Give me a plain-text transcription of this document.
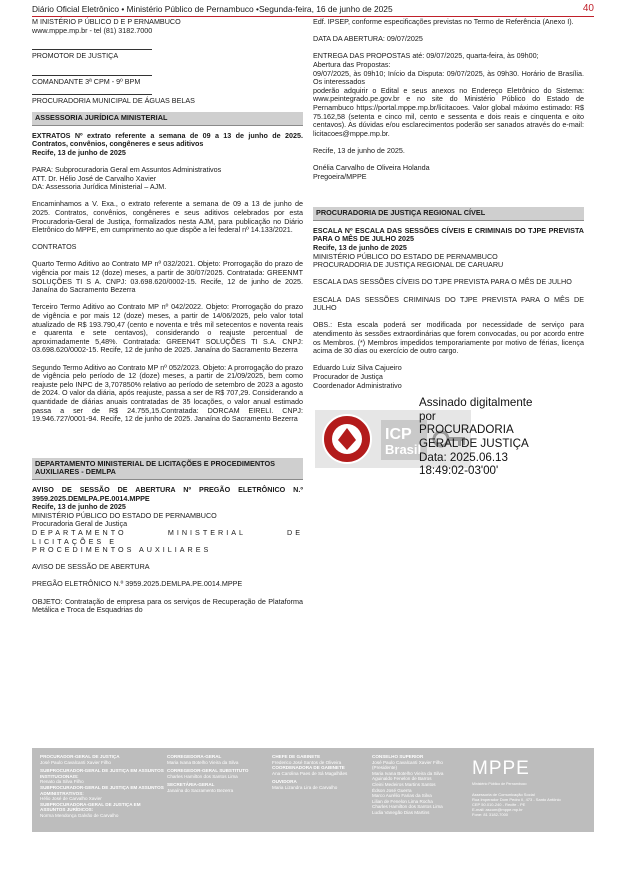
Diário Oficial Eletrônico • Ministério Público de Pernambuco •Segunda-feira, 16 de junho de 2025	40

M INISTÉRIO P ÚBLICO D E P ERNAMBUCO

www.mppe.mp.br - tel (81) 3182.7000

PROMOTOR DE JUSTIÇA

COMANDANTE 3ª CPM - 9º BPM

PROCURADORIA MUNICIPAL DE ÁGUAS BELAS

ASSESSORIA JURÍDICA MINISTERIAL

EXTRATOS Nº extrato referente a semana de 09 a 13 de junho de 2025. Contratos, convênios, congêneres e seus aditivos

Recife, 13 de junho de 2025

PARA: Subprocuradoria Geral em Assuntos Administrativos

ATT. Dr. Hélio José de Carvalho Xavier

DA: Assessoria Jurídica Ministerial – AJM.

Encaminhamos a V. Exa., o extrato referente a semana de 09 a 13 de junho de 2025. Contratos, convênios, congêneres e seus aditivos celebrados por esta Procuradoria-Geral de Justiça, formalizados nesta AJM, para publicação no Diário Eletrônico do MPPE, em cumprimento ao que dispõe a lei federal nº 14.133/2021.

CONTRATOS

Quarto Termo Aditivo ao Contrato MP nº 032/2021. Objeto: Prorrogação do prazo de vigência por mais 12 (doze) meses, a partir de 30/07/2025. Contratada: GREENMT SOLUÇÕES TI S A. CNPJ: 03.698.620/0002-15. Recife, 12 de junho de 2025. Janaína do Sacramento Bezerra

Terceiro Termo Aditivo ao Contrato MP nº 042/2022. Objeto: Prorrogação do prazo de vigência e por mais 12 (doze) meses, a partir de 14/06/2025, pelo valor total atualizado de R$ 193.790,47 (cento e noventa e três mil setecentos e noventa reais e quarenta e sete centavos), considerando o reajuste percentual de aproximadamente 5,48%. Contratada: GREEN4T SOLUÇÕES TI S.A. CNPJ: 03.698.620/0002-15. Recife, 12 de junho de 2025. Janaína do Sacramento Bezerra

Segundo Termo Aditivo ao Contrato MP nº 052/2023. Objeto: A prorrogação do prazo de vigência pelo período de 12 (doze) meses, a partir de 21/09/2025, bem como reajuste pelo INPC de 3,707850% relativo ao período de setembro de 2023 a agosto de 2024. O valor da diária, após reajuste, passa a ser de R$ 707,29. Considerando a quantidade de diárias anuais contratadas de 35 locações, o valor anual estimado passa a ser de R$ 24.755,15.Contratada: DORCAM EIRELI. CNPJ: 19.946.727/0001-94. Recife, 12 de junho de 2025. Janaína do Sacramento Bezerra

DEPARTAMENTO MINISTERIAL DE LICITAÇÕES E PROCEDIMENTOS AUXILIARES - DEMLPA

AVISO DE SESSÃO DE ABERTURA Nº PREGÃO ELETRÔNICO N.º 3959.2025.DEMLPA.PE.0014.MPPE

Recife, 13 de junho de 2025

MINISTÉRIO PÚBLICO DO ESTADO DE PERNAMBUCO

Procuradoria Geral de Justiça

DEPARTAMENTO MINISTERIAL DE LICITAÇÕES E

PROCEDIMENTOS AUXILIARES

AVISO DE SESSÃO DE ABERTURA

PREGÃO ELETRÔNICO N.º 3959.2025.DEMLPA.PE.0014.MPPE

OBJETO: Contratação de empresa para os serviços de Recuperação de Plataforma Metálica e Troca de Esquadrias do

Edf. IPSEP, conforme especificações previstas no Termo de Referência (Anexo I).

DATA DA ABERTURA: 09/07/2025

ENTREGA DAS PROPOSTAS até: 09/07/2025, quarta-feira, às 09h00;

Abertura das Propostas:

09/07/2025, às 09h10; Início da Disputa: 09/07/2025, às 09h30. Horário de Brasília. Os interessados

poderão adquirir o Edital e seus anexos no Endereço Eletrônico do Sistema: www.peintegrado.pe.gov.br e no site do Ministério Público do Estado de Pernambuco https://portal.mppe.mp.br/licitacoes. Valor global máximo estimado: R$ 75.162,58 (setenta e cinco mil, cento e sessenta e dois reais e cinquenta e oito centavos). As dúvidas e/ou esclarecimentos poderão ser sanados através do e-mail: licitacoes@mppe.mp.br.

Recife, 13 de junho de 2025.

Onélia Carvalho de Oliveira Holanda

Pregoeira/MPPE

PROCURADORIA DE JUSTIÇA REGIONAL CÍVEL

ESCALA Nº ESCALA DAS SESSÕES CÍVEIS E CRIMINAIS DO TJPE PREVISTA PARA O MÊS DE JULHO 2025

Recife, 13 de junho de 2025

MINISTÉRIO PÚBLICO DO ESTADO DE PERNAMBUCO

PROCURADORIA DE JUSTIÇA REGIONAL DE CARUARU

ESCALA DAS SESSÕES CÍVEIS DO TJPE PREVISTA PARA O MÊS DE JULHO

ESCALA DAS SESSÕES CRIMINAIS DO TJPE PREVISTA PARA O MÊS DE JULHO

OBS.: Esta escala poderá ser modificada por necessidade de serviço para atendimento às sessões extraordinárias que forem convocadas, ou por acordo entre os Membros. (*) Membros impedidos temporariamente por motivo de férias, licença acima de 30 dias ou exercício de outro cargo.

Eduardo Luiz Silva Cajueiro

Procurador de Justiça

Coordenador Administrativo

ICP
Brasil
Assinado digitalmente
por
PROCURADORIA
GERAL DE JUSTIÇA
Data: 2025.06.13
18:49:02-03'00'
PROCURADOR-GERAL DE JUSTIÇA
José Paulo Cavalcanti Xavier Filho
SUBPROCURADOR-GERAL DE JUSTIÇA EM ASSUNTOS INSTITUCIONAIS:
Renato da Silva Filho
SUBPROCURADOR-GERAL DE JUSTIÇA EM ASSUNTOS ADMINISTRATIVOS:
Hélio José de Carvalho Xavier
SUBPROCURADORA-GERAL DE JUSTIÇA EM ASSUNTOS JURÍDICOS:
Norma Mendonça Galvão de Carvalho
CORREGEDORA-GERAL
Maria Ivana Botelho Vieira da Silva
CORREGEDOR-GERAL SUBSTITUTO
Charles Hamilton dos Santos Lima
SECRETÁRIA-GERAL
Janaína do Sacramento Bezerra
CHEFE DE GABINETE
Frederico José Santos de Oliveira
COORDENADORA DE GABINETE
Ana Carolina Paes de Sá Magalhães
OUVIDORA
Maria Lizandra Lira de Carvalho
CONSELHO SUPERIOR
José Paulo Cavalcanti Xavier Filho
(Presidente)
Maria Ivana Botelho Vieira da Silva
Aguinaldo Fenelon de Barros
Cleini Medeiros Martins Santos
Édson José Guerra
Marco Aurélio Farias da Silva
Lilian de Fenelon Lima Rocha
Charles Hamilton dos Santos Lima
Ludia Vanegão Dias Martins
MPPE
Ministério Público de Pernambuco
Assessoria de Comunicação Social
Rua Imperador Dom Pedro II, 473 - Santo Antônio
CEP 50.010-240 - Recife - PE
E-mail: ascom@mppe.mp.br
Fone: 81 3182-7000
